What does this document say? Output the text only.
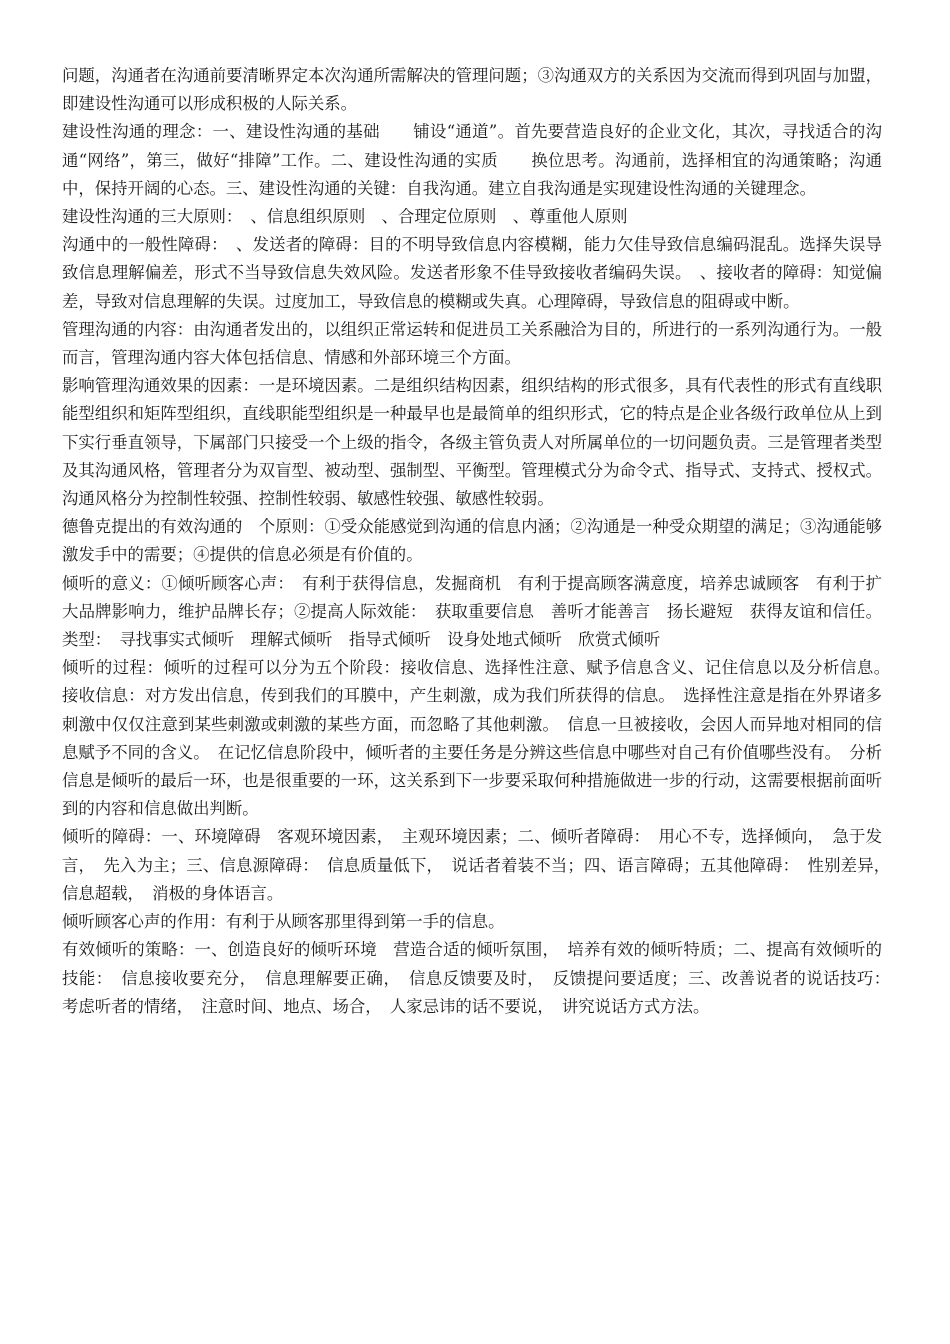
问题，沟通者在沟通前要清晰界定本次沟通所需解决的管理问题；③沟通双方的关系因为交流而得到巩固与加盟，即建设性沟通可以形成积极的人际关系。

建设性沟通的理念：一、建设性沟通的基础　　铺设“通道”。首先要营造良好的企业文化，其次，寻找适合的沟通“网络”，第三，做好“排障”工作。二、建设性沟通的实质　　换位思考。沟通前，选择相宜的沟通策略；沟通中，保持开阔的心态。三、建设性沟通的关键：自我沟通。建立自我沟通是实现建设性沟通的关键理念。

建设性沟通的三大原则：　、信息组织原则　、合理定位原则　、尊重他人原则

沟通中的一般性障碍：　、发送者的障碍：目的不明导致信息内容模糊，能力欠佳导致信息编码混乱。选择失误导致信息理解偏差，形式不当导致信息失效风险。发送者形象不佳导致接收者编码失误。　、接收者的障碍：知觉偏差，导致对信息理解的失误。过度加工，导致信息的模糊或失真。心理障碍，导致信息的阻碍或中断。

管理沟通的内容：由沟通者发出的，以组织正常运转和促进员工关系融洽为目的，所进行的一系列沟通行为。一般而言，管理沟通内容大体包括信息、情感和外部环境三个方面。

影响管理沟通效果的因素：一是环境因素。二是组织结构因素，组织结构的形式很多，具有代表性的形式有直线职能型组织和矩阵型组织，直线职能型组织是一种最早也是最简单的组织形式，它的特点是企业各级行政单位从上到下实行垂直领导，下属部门只接受一个上级的指令，各级主管负责人对所属单位的一切问题负责。三是管理者类型及其沟通风格，管理者分为双盲型、被动型、强制型、平衡型。管理模式分为命令式、指导式、支持式、授权式。沟通风格分为控制性较强、控制性较弱、敏感性较强、敏感性较弱。

德鲁克提出的有效沟通的　个原则：①受众能感觉到沟通的信息内涵；②沟通是一种受众期望的满足；③沟通能够激发手中的需要；④提供的信息必须是有价值的。

倾听的意义：①倾听顾客心声：　有利于获得信息，发掘商机　有利于提高顾客满意度，培养忠诚顾客　有利于扩大品牌影响力，维护品牌长存；②提高人际效能：　获取重要信息　善听才能善言　扬长避短　获得友谊和信任。类型：　寻找事实式倾听　理解式倾听　指导式倾听　设身处地式倾听　欣赏式倾听

倾听的过程：倾听的过程可以分为五个阶段：接收信息、选择性注意、赋予信息含义、记住信息以及分析信息。　接收信息：对方发出信息，传到我们的耳膜中，产生刺激，成为我们所获得的信息。　选择性注意是指在外界诸多刺激中仅仅注意到某些刺激或刺激的某些方面，而忽略了其他刺激。　信息一旦被接收，会因人而异地对相同的信息赋予不同的含义。　在记忆信息阶段中，倾听者的主要任务是分辨这些信息中哪些对自己有价值哪些没有。　分析信息是倾听的最后一环，也是很重要的一环，这关系到下一步要采取何种措施做进一步的行动，这需要根据前面听到的内容和信息做出判断。

倾听的障碍：一、环境障碍　客观环境因素，　主观环境因素；二、倾听者障碍：　用心不专，选择倾向，　急于发言，　先入为主；三、信息源障碍：　信息质量低下，　说话者着装不当；四、语言障碍；五其他障碍：　性别差异，　信息超载，　消极的身体语言。

倾听顾客心声的作用：有利于从顾客那里得到第一手的信息。

有效倾听的策略：一、创造良好的倾听环境　营造合适的倾听氛围，　培养有效的倾听特质；二、提高有效倾听的技能：　信息接收要充分，　信息理解要正确，　信息反馈要及时，　反馈提问要适度；三、改善说者的说话技巧：　考虑听者的情绪，　注意时间、地点、场合，　人家忌讳的话不要说，　讲究说话方式方法。
